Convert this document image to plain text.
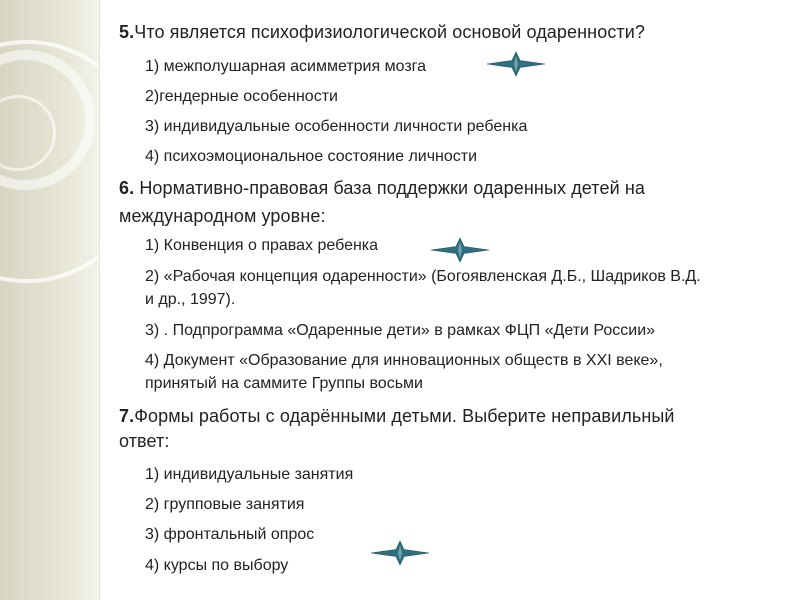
5.Что является психофизиологической основой одаренности?
1) межполушарная асимметрия мозга
2)гендерные особенности
3) индивидуальные особенности личности ребенка
4) психоэмоциональное состояние личности
6. Нормативно-правовая база поддержки одаренных детей на
международном уровне:
1) Конвенция о правах ребенка
2) «Рабочая концепция одаренности» (Богоявленская Д.Б., Шадриков В.Д.
и др., 1997).
3) . Подпрограмма «Одаренные дети» в рамках ФЦП «Дети России»
4) Документ «Образование для инновационных обществ в XXI веке»,
принятый на саммите Группы восьми
7.Формы работы с одарёнными детьми. Выберите неправильный
ответ:
1) индивидуальные занятия
2) групповые занятия
3) фронтальный опрос
4) курсы по выбору
